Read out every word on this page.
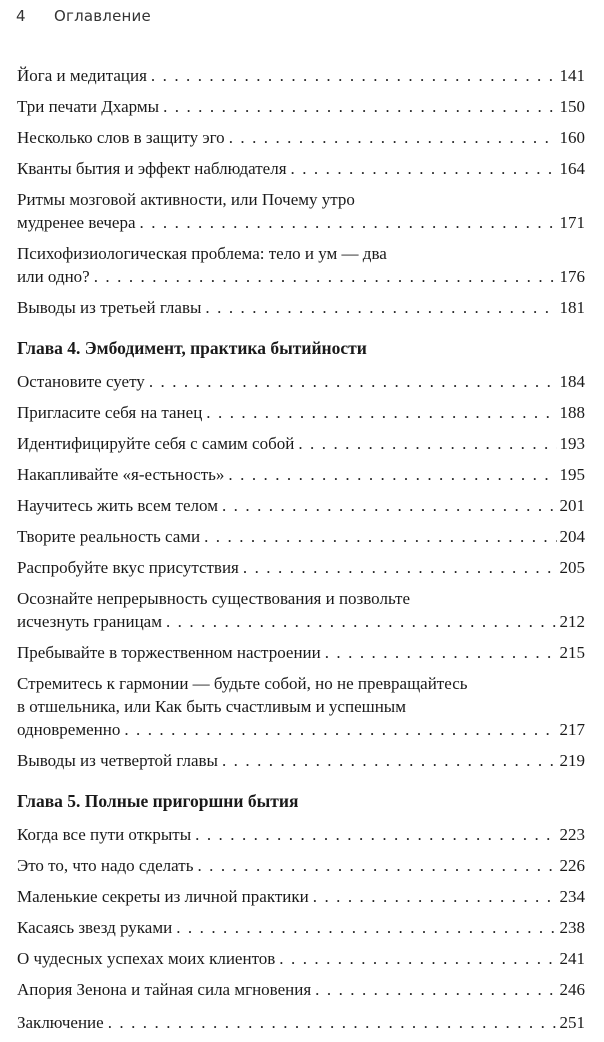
4 Оглавление
Йога и медитация . . .	141
Три печати Дхармы . . .	150
Несколько слов в защиту эго . . .	160
Кванты бытия и эффект наблюдателя . . .	164
Ритмы мозговой активности, или Почему утро
мудренее вечера . . .	171
Психофизиологическая проблема: тело и ум — два
или одно? . . .	176
Выводы из третьей главы . . .	181
Глава 4. Эмбодимент, практика бытийности
Остановите суету . . .	184
Пригласите себя на танец . . .	188
Идентифицируйте себя с самим собой . . .	193
Накапливайте «я-естьность» . . .	195
Научитесь жить всем телом . . .	201
Творите реальность сами . . .	204
Распробуйте вкус присутствия . . .	205
Осознайте непрерывность существования и позвольте
исчезнуть границам . . .	212
Пребывайте в торжественном настроении . . .	215
Стремитесь к гармонии — будьте собой, но не превращайтесь
в отшельника, или Как быть счастливым и успешным
одновременно . . .	217
Выводы из четвертой главы . . .	219
Глава 5. Полные пригоршни бытия
Когда все пути открыты . . .	223
Это то, что надо сделать . . .	226
Маленькие секреты из личной практики . . .	234
Касаясь звезд руками . . .	238
О чудесных успехах моих клиентов . . .	241
Апория Зенона и тайная сила мгновения . . .	246
Заключение . . .	251
